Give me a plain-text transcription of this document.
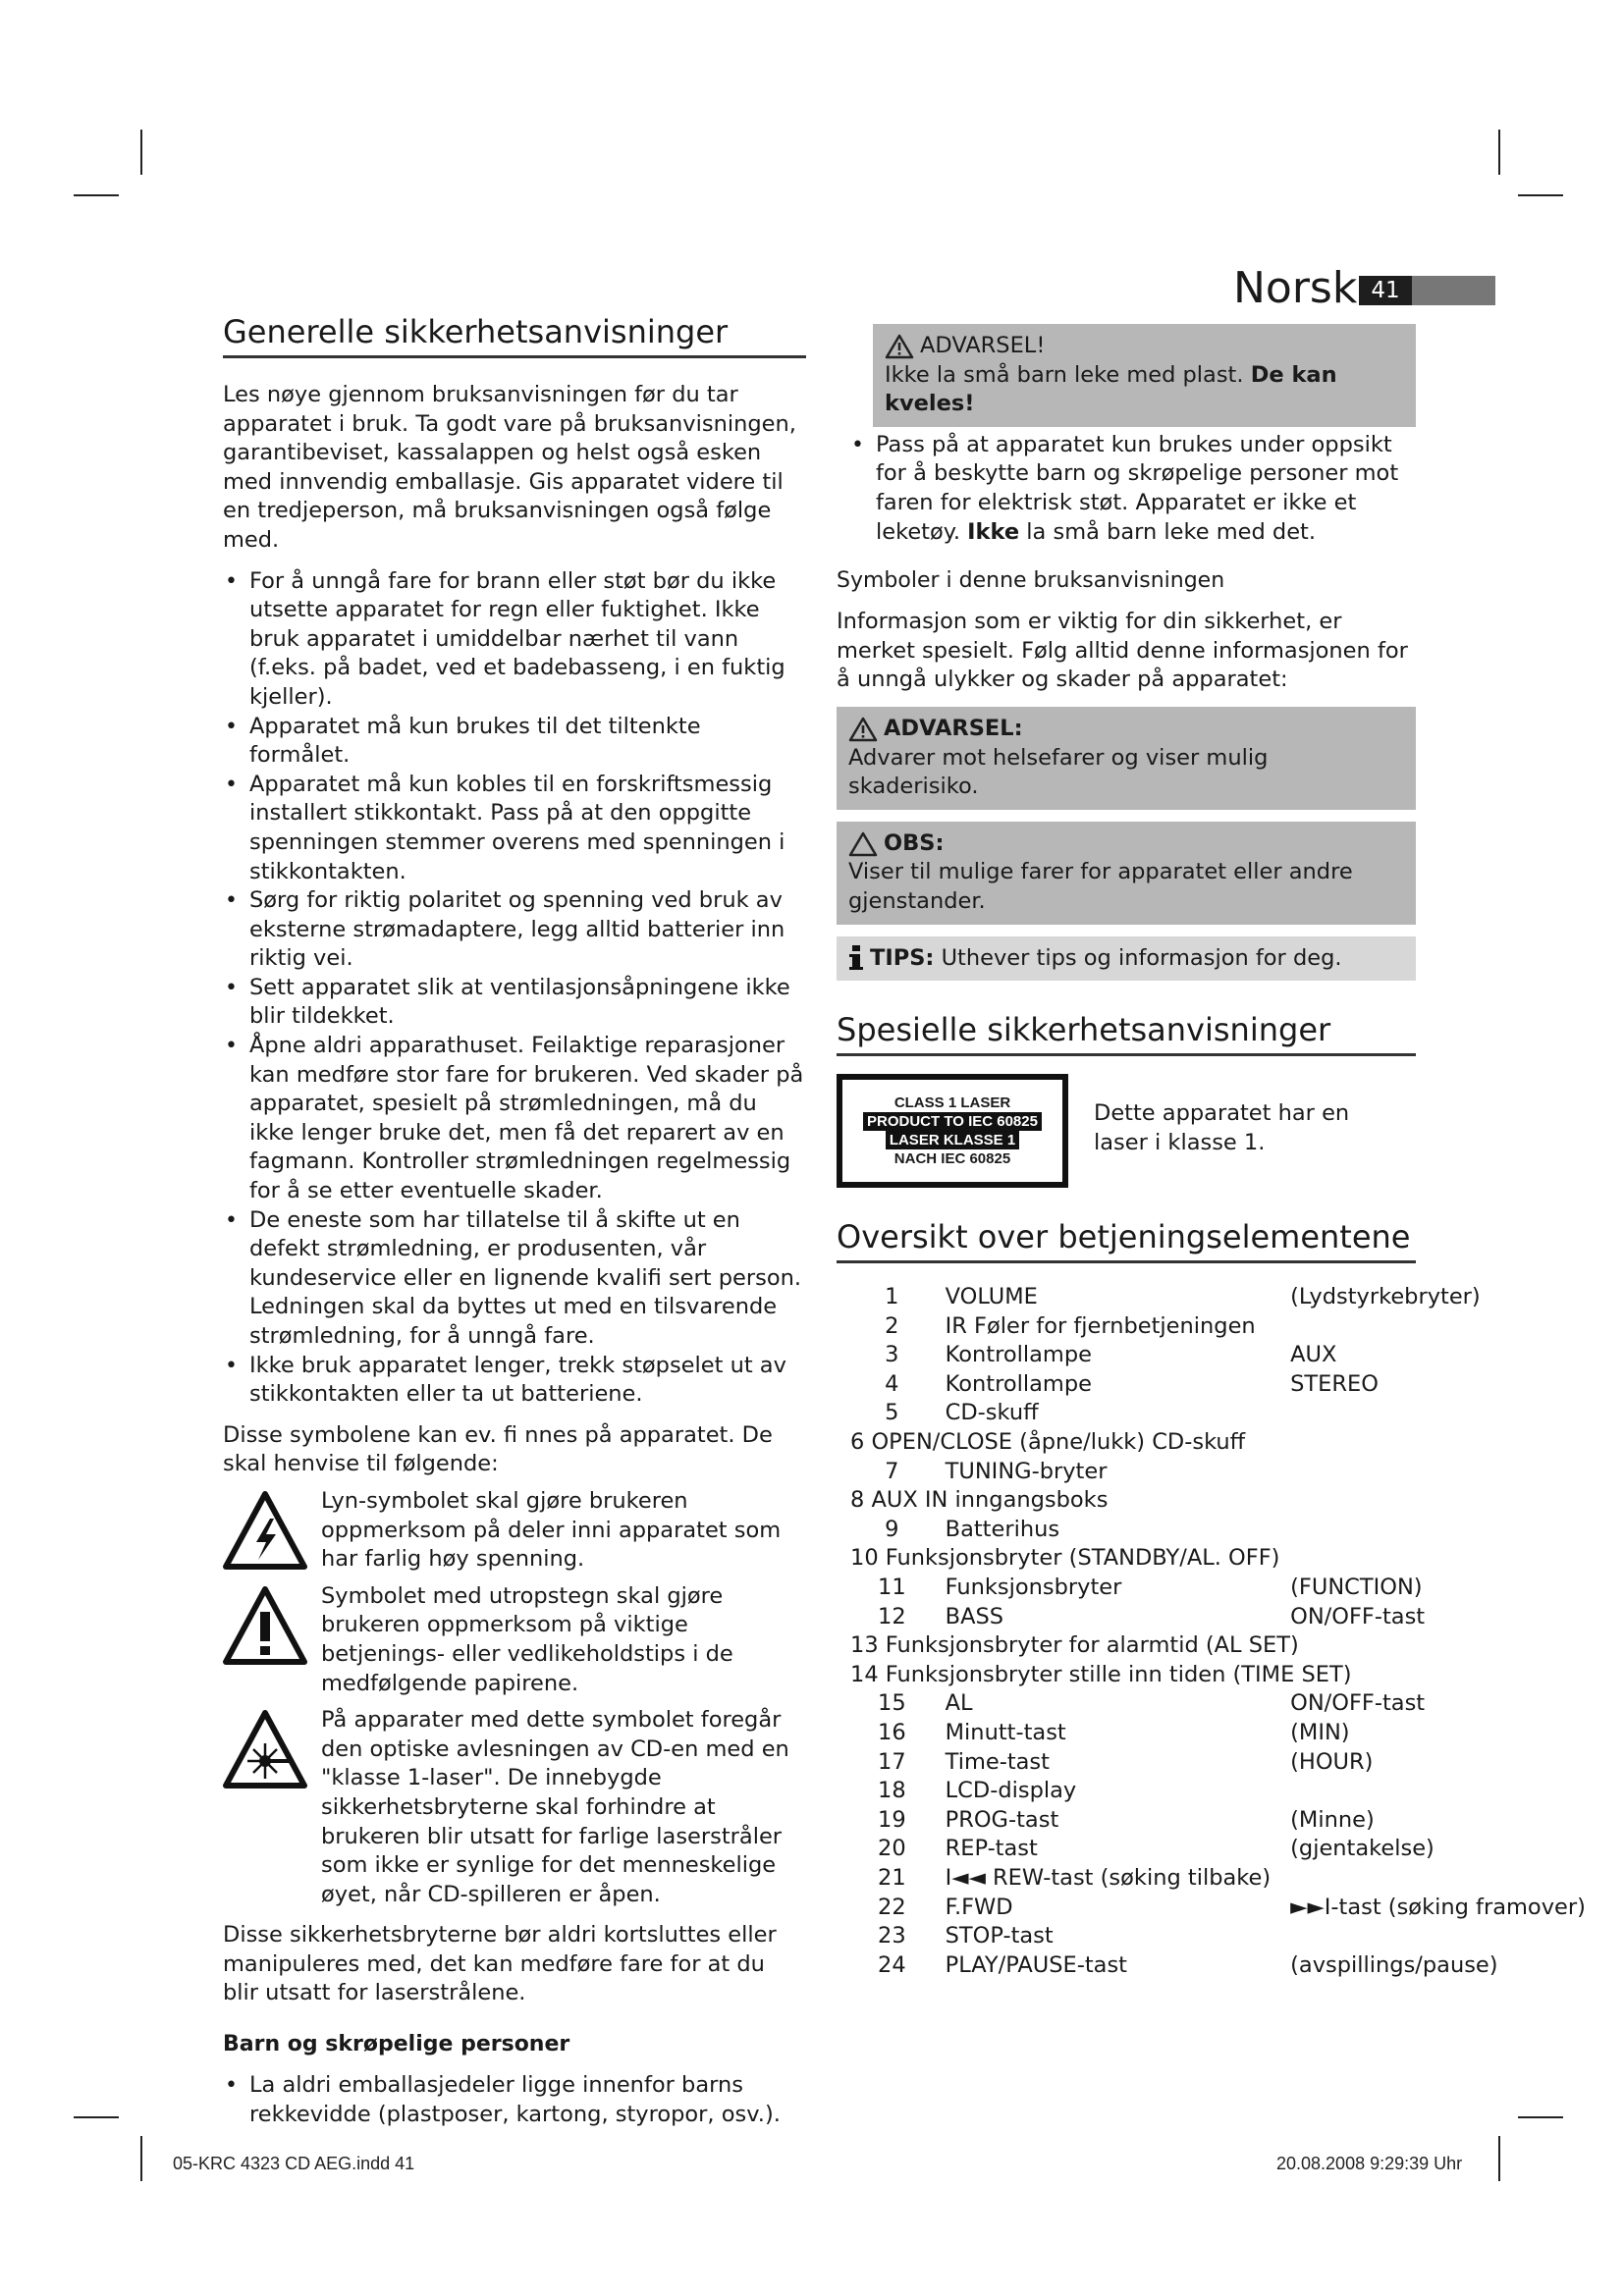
Norsk 41
Generelle sikkerhetsanvisninger

Les nøye gjennom bruksanvisningen før du tar apparatet i bruk. Ta godt vare på bruksanvisningen, garantibeviset, kassalappen og helst også esken med innvendig emballasje. Gis apparatet videre til en tredjeperson, må bruksanvisningen også følge med.

• For å unngå fare for brann eller støt bør du ikke utsette apparatet for regn eller fuktighet. Ikke bruk apparatet i umiddelbar nærhet til vann (f.eks. på badet, ved et badebasseng, i en fuktig kjeller).
• Apparatet må kun brukes til det tiltenkte formålet.
• Apparatet må kun kobles til en forskriftsmessig installert stikkontakt. Pass på at den oppgitte spenningen stemmer overens med spenningen i stikkontakten.
• Sørg for riktig polaritet og spenning ved bruk av eksterne strømadaptere, legg alltid batterier inn riktig vei.
• Sett apparatet slik at ventilasjonsåpningene ikke blir tildekket.
• Åpne aldri apparathuset. Feilaktige reparasjoner kan medføre stor fare for brukeren. Ved skader på apparatet, spesielt på strømledningen, må du ikke lenger bruke det, men få det reparert av en fagmann. Kontroller strømledningen regelmessig for å se etter eventuelle skader.
• De eneste som har tillatelse til å skifte ut en defekt strømledning, er produsenten, vår kundeservice eller en lignende kvalifi sert person. Ledningen skal da byttes ut med en tilsvarende strømledning, for å unngå fare.
• Ikke bruk apparatet lenger, trekk støpselet ut av stikkontakten eller ta ut batteriene.

Disse symbolene kan ev. fi nnes på apparatet. De skal henvise til følgende:

Lyn-symbolet skal gjøre brukeren oppmerksom på deler inni apparatet som har farlig høy spenning.
Symbolet med utropstegn skal gjøre brukeren oppmerksom på viktige betjenings- eller vedlikeholdstips i de medfølgende papirene.
På apparater med dette symbolet foregår den optiske avlesningen av CD-en med en "klasse 1-laser". De innebygde sikkerhetsbryterne skal forhindre at brukeren blir utsatt for farlige laserstråler som ikke er synlige for det menneskelige øyet, når CD-spilleren er åpen.

Disse sikkerhetsbryterne bør aldri kortsluttes eller manipuleres med, det kan medføre fare for at du blir utsatt for laserstrålene.

Barn og skrøpelige personer
• La aldri emballasjedeler ligge innenfor barns rekkevidde (plastposer, kartong, styropor, osv.).
ADVARSEL!
Ikke la små barn leke med plast. De kan kveles!
• Pass på at apparatet kun brukes under oppsikt for å beskytte barn og skrøpelige personer mot faren for elektrisk støt. Apparatet er ikke et leketøy. Ikke la små barn leke med det.
Symboler i denne bruksanvisningen

Informasjon som er viktig for din sikkerhet, er merket spesielt. Følg alltid denne informasjonen for å unngå ulykker og skader på apparatet:

ADVARSEL:
Advarer mot helsefarer og viser mulig skaderisiko.
OBS:
Viser til mulige farer for apparatet eller andre gjenstander.
TIPS: Uthever tips og informasjon for deg.
Spesielle sikkerhetsanvisninger
CLASS 1 LASER
PRODUCT TO IEC 60825
LASER KLASSE 1
NACH IEC 60825
Dette apparatet har en laser i klasse 1.
Oversikt over betjeningselementene
1	VOLUME	(Lydstyrkebryter)
2	IR Føler for fjernbetjeningen	
3	Kontrollampe	AUX
4	Kontrollampe	STEREO
5	CD-skuff	
6 OPEN/CLOSE (åpne/lukk) CD-skuff		
7	TUNING-bryter	
8 AUX IN inngangsboks		
9	Batterihus	
10 Funksjonsbryter (STANDBY/AL. OFF)		
11	Funksjonsbryter	(FUNCTION)
12	BASS	ON/OFF-tast
13 Funksjonsbryter for alarmtid (AL SET)		
14 Funksjonsbryter stille inn tiden (TIME SET)		
15	AL	ON/OFF-tast
16	Minutt-tast	(MIN)
17	Time-tast	(HOUR)
18	LCD-display	
19	PROG-tast	(Minne)
20	REP-tast	(gjentakelse)
21	I◄◄ REW-tast (søking tilbake)	
22	F.FWD	►►I-tast (søking framover)
23	STOP-tast	
24	PLAY/PAUSE-tast	(avspillings/pause)
05-KRC 4323 CD AEG.indd 41	20.08.2008 9:29:39 Uhr
